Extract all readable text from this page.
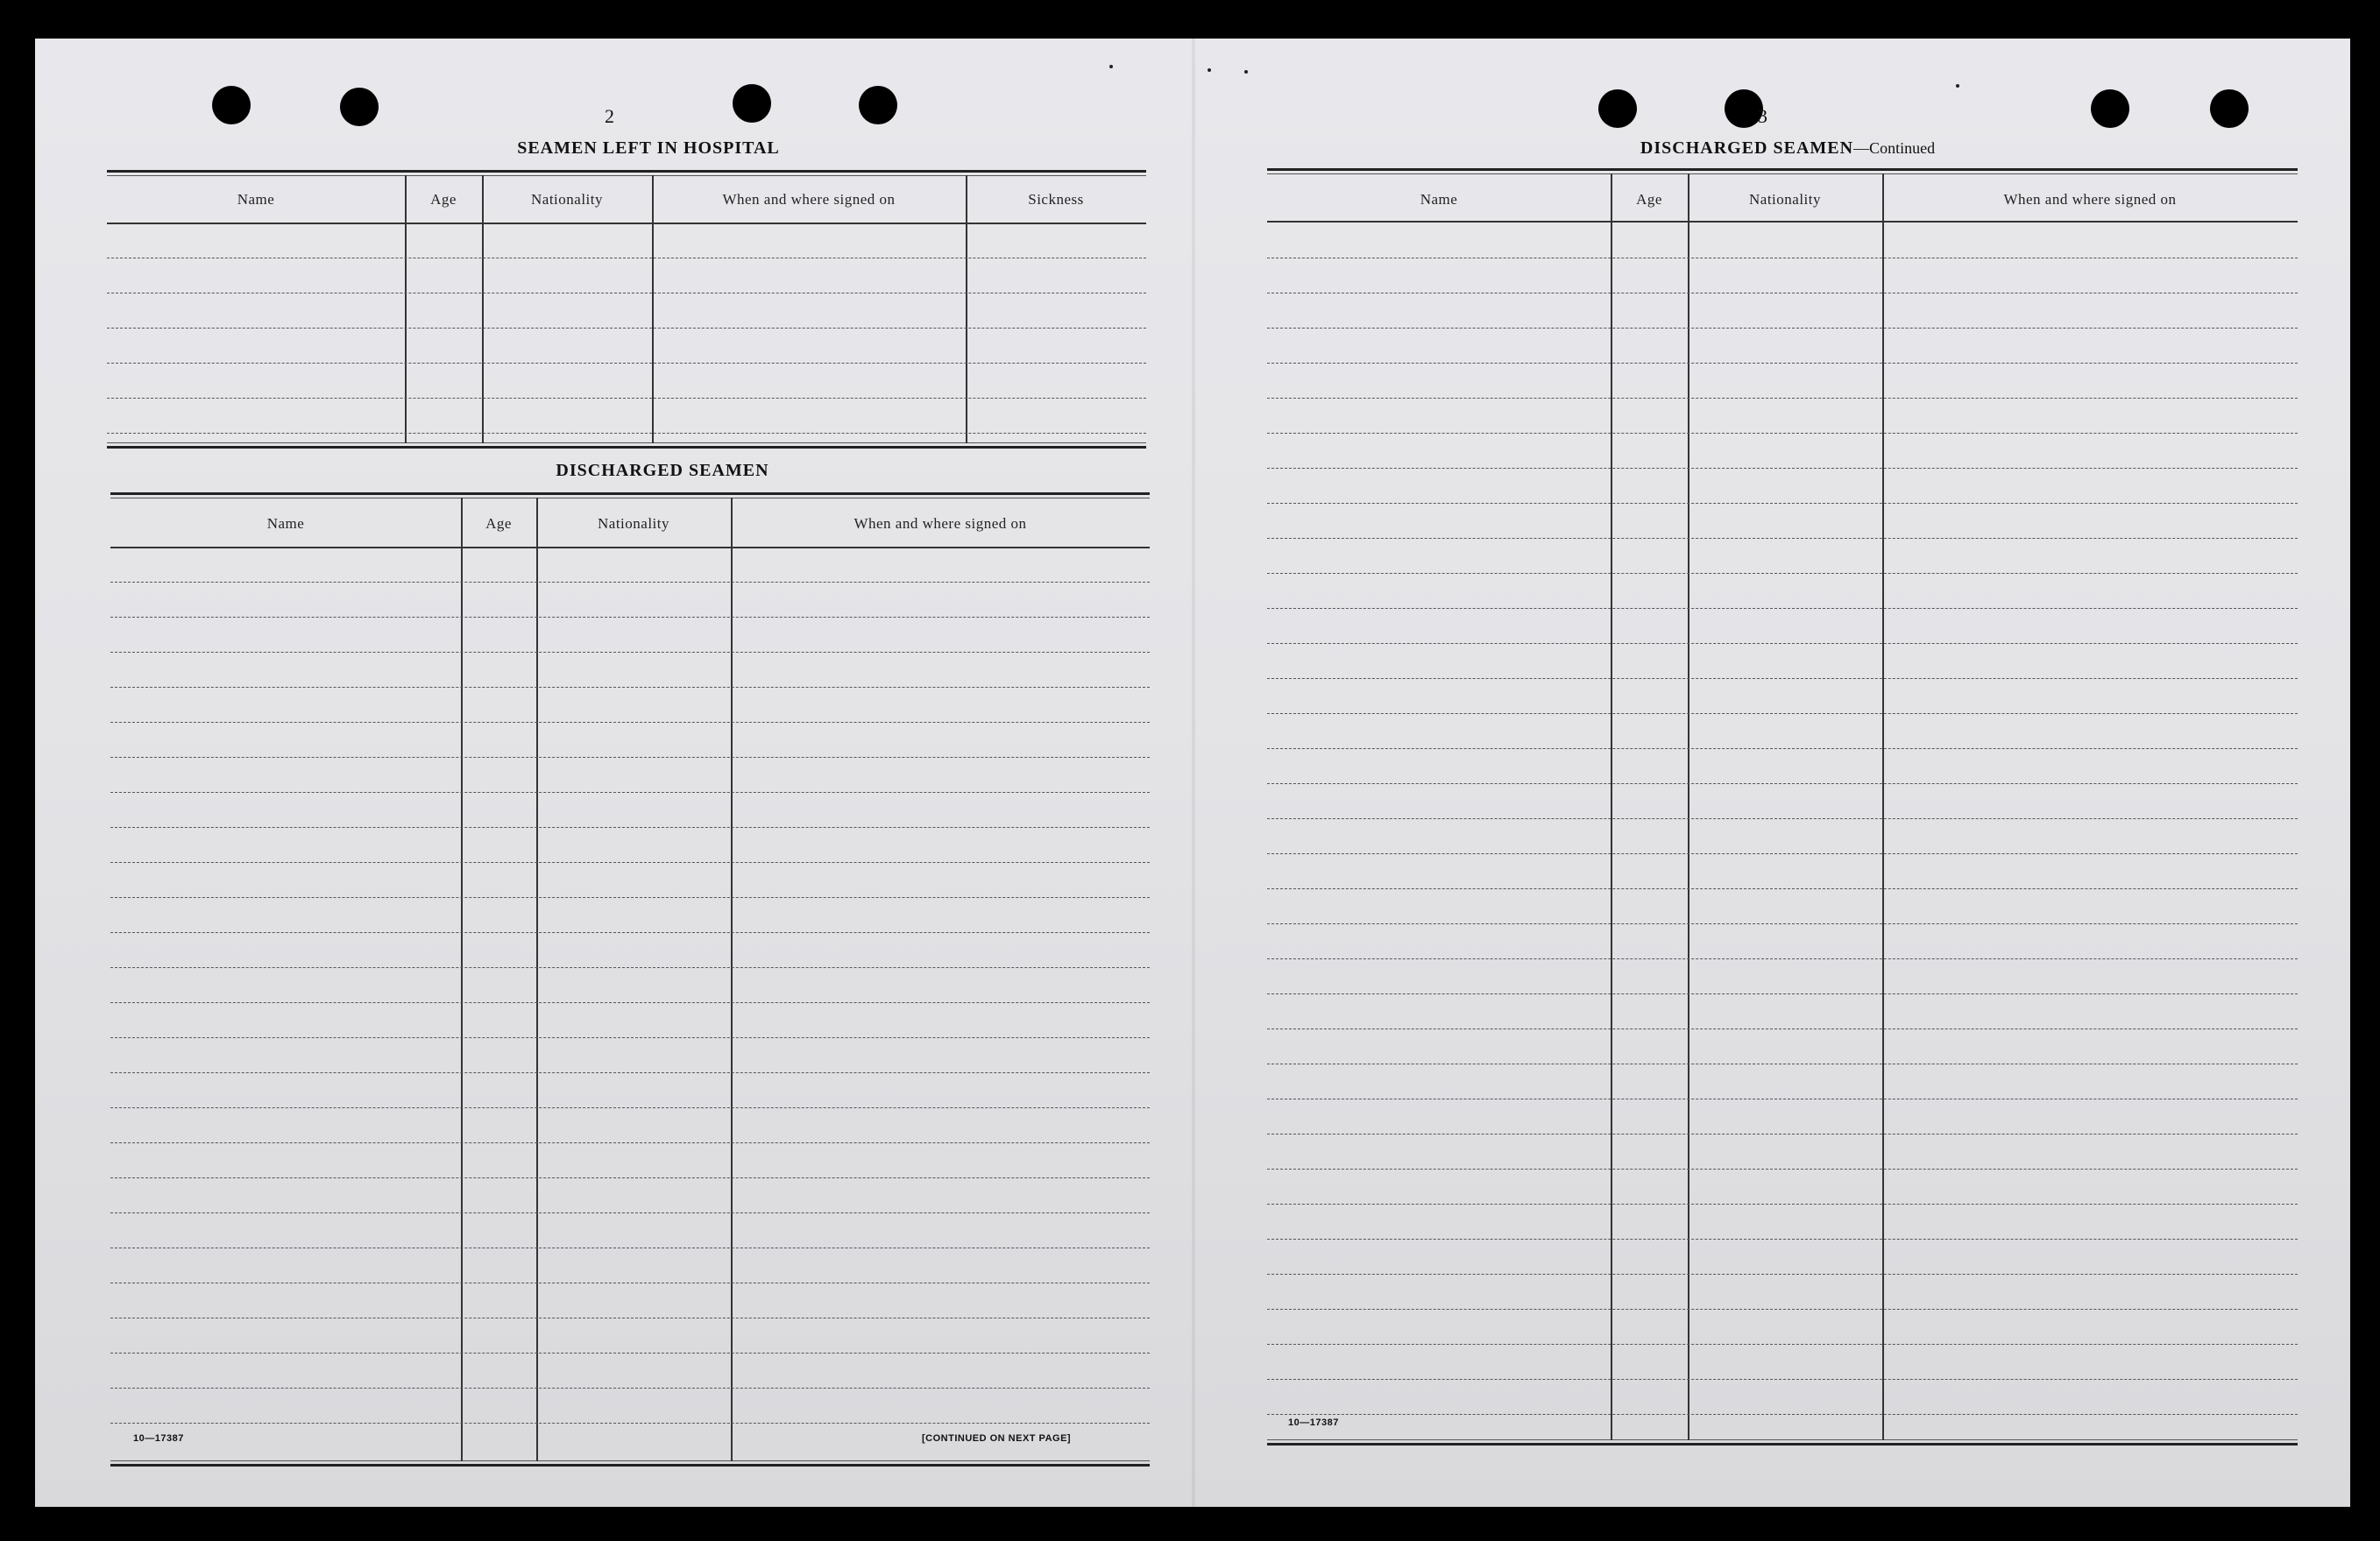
2
SEAMEN LEFT IN HOSPITAL
Name	Age	Nationality	When and where signed on	Sickness
DISCHARGED SEAMEN
Name	Age	Nationality	When and where signed on
10—17387	[CONTINUED ON NEXT PAGE]
3
DISCHARGED SEAMEN—Continued
Name	Age	Nationality	When and where signed on
10—17387
